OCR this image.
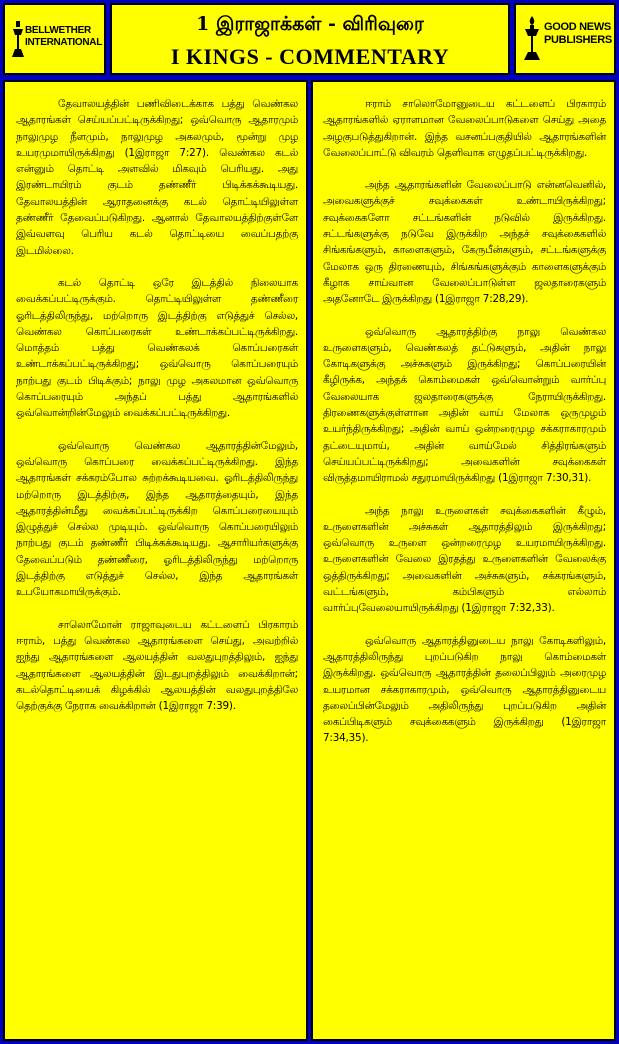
BELLWETHER
INTERNATIONAL
1 இராஜாக்கள் - விரிவுரை
I KINGS - COMMENTARY
GOOD NEWS
PUBLISHERS

தேவாலயத்தின் பணிவிடைக்காக பத்து வெண்கல ஆதாரங்கள் செய்யப்பட்டிருக்கிறது; ஒவ்வொரு ஆதாரமும் நாலுமுழ நீளமும், நாலுமுழ அகலமும், மூன்று முழ உயரமுமாயிருக்கிறது (1இராஜா 7:27). வெண்கல கடல் என்னும் தொட்டி அளவில் மிகவும் பெரியது. அது இரண்டாயிரம் குடம் தண்ணீர் பிடிக்கக்கூடியது. தேவாலயத்தின் ஆராதனைக்கு கடல் தொட்டியிலுள்ள தண்ணீர் தேவைப்படுகிறது. ஆனால் தேவாலயத்திற்குள்ளே இவ்வளவு பெரிய கடல் தொட்டியை வைப்பதற்கு இடமில்லை.

கடல் தொட்டி ஒரே இடத்தில் நிலையாக வைக்கப்பட்டிருக்கும். தொட்டியிலுள்ள தண்ணீரை ஓரிடத்திலிருந்து, மற்றொரு இடத்திற்கு எடுத்துச் செல்ல, வெண்கல கொப்பரைகள் உண்டாக்கப்பட்டிருக்கிறது. மொத்தம் பத்து வெண்கலக் கொப்பரைகள் உண்டாக்கப்பட்டிருக்கிறது; ஒவ்வொரு கொப்பரையும் நாற்பது குடம் பிடிக்கும்; நாலு முழ அகலமான ஒவ்வொரு கொப்பரையும் அந்தப் பத்து ஆதாரங்களில் ஒவ்வொன்றின்மேலும் வைக்கப்பட்டிருக்கிறது.

ஒவ்வொரு வெண்கல ஆதாரத்தின்மேலும், ஒவ்வொரு கொப்பரை வைக்கப்பட்டிருக்கிறது. இந்த ஆதாரங்கள் சக்கரம்போல சுற்றக்கூடியவை. ஓரிடத்திலிருந்து மற்றொரு இடத்திற்கு, இந்த ஆதாரத்தையும், இந்த ஆதாரத்தின்மீது வைக்கப்பட்டிருக்கிற கொப்பரையையும் இழுத்துச் செல்ல முடியும். ஒவ்வொரு கொப்பரையிலும் நாற்பது குடம் தண்ணீர் பிடிக்கக்கூடியது. ஆசாரியர்களுக்கு தேவைப்படும் தண்ணீரை, ஓரிடத்திலிருந்து மற்றொரு இடத்திற்கு எடுத்துச் செல்ல, இந்த ஆதாரங்கள் உபயோகமாயிருக்கும்.

சாலொமோன் ராஜாவுடைய கட்டளைப் பிரகாரம் ஈராம், பத்து வெண்கல ஆதாரங்களை செய்து, அவற்றில் ஐந்து ஆதாரங்களை ஆலயத்தின் வலதுபுறத்திலும், ஐந்து ஆதாரங்களை ஆலயத்தின் இடதுபுறத்திலும் வைக்கிறான்; கடல்தொட்டியைக் கிழக்கில் ஆலயத்தின் வலதுபுறத்திலே தெற்குக்கு நேராக வைக்கிறான் (1இராஜா 7:39).

ஈராம் சாலொமோனுடைய கட்டளைப் பிரகாரம் ஆதாரங்களில் ஏராளமான வேலைப்பாடுகளை செய்து அதை அழகுபடுத்துகிறான். இந்த வசனப்பகுதியில் ஆதாரங்களின் வேலைப்பாட்டு விவரம் தெளிவாக எழுதப்பட்டிருக்கிறது.

அந்த ஆதாரங்களின் வேலைப்பாடு என்னவெனில், அவைகளுக்குச் சவுக்கைகள் உண்டாயிருக்கிறது; சவுக்கைகளோ சட்டங்களின் நடுவில் இருக்கிறது. சட்டங்களுக்கு நடுவே இருக்கிற அந்தச் சவுக்கைகளில் சிங்கங்களும், காளைகளும், கேருபீன்களும், சட்டங்களுக்கு மேலாக ஒரு திரணையும், சிங்கங்களுக்கும் காளைகளுக்கும் கீழாக சாய்வான வேலைப்பாடுள்ள ஜலதாரைகளும் அதனோடே இருக்கிறது (1இராஜா 7:28,29).

ஒவ்வொரு ஆதாரத்திற்கு நாலு வெண்கல உருளைகளும், வெண்கலத் தட்டுகளும், அதின் நாலு கோடிகளுக்கு அச்சுகளும் இருக்கிறது; கொப்பரையின் கீழிருக்க, அந்தக் கொம்மைகள் ஒவ்வொன்றும் வார்ப்பு வேலையாக ஜலதாரைகளுக்கு நேராயிருக்கிறது. திரணைகளுக்குள்ளான அதின் வாய் மேலாக ஒருமுழம் உயர்ந்திருக்கிறது; அதின் வாய் ஒன்றரைமுழ சக்கராகாரமும் தட்டையுமாய், அதின் வாய்மேல் சித்திரங்களும் செய்யப்பட்டிருக்கிறது; அவைகளின் சவுக்கைகள் விருத்தமாயிராமல் சதுரமாயிருக்கிறது (1இராஜா 7:30,31).

அந்த நாலு உருளைகள் சவுக்கைகளின் கீழும், உருளைகளின் அச்சுகள் ஆதாரத்திலும் இருக்கிறது; ஒவ்வொரு உருளை ஒன்றரைமுழ உயரமாயிருக்கிறது. உருளைகளின் வேலை இரதத்து உருளைகளின் வேலைக்கு ஒத்திருக்கிறது; அவைகளின் அச்சுகளும், சக்கரங்களும், வட்டங்களும், கம்பிகளும் எல்லாம் வார்ப்புவேலையாயிருக்கிறது (1இராஜா 7:32,33).

ஒவ்வொரு ஆதாரத்தினுடைய நாலு கோடிகளிலும், ஆதாரத்திலிருந்து புறப்படுகிற நாலு கொம்மைகள் இருக்கிறது. ஒவ்வொரு ஆதாரத்தின் தலைப்பிலும் அரைமுழ உயரமான சக்கராகாரமும், ஒவ்வொரு ஆதாரத்தினுடைய தலைப்பின்மேலும் அதிலிருந்து புறப்படுகிற அதின் கைப்பிடிகளும் சவுக்கைகளும் இருக்கிறது (1இராஜா 7:34,35).
